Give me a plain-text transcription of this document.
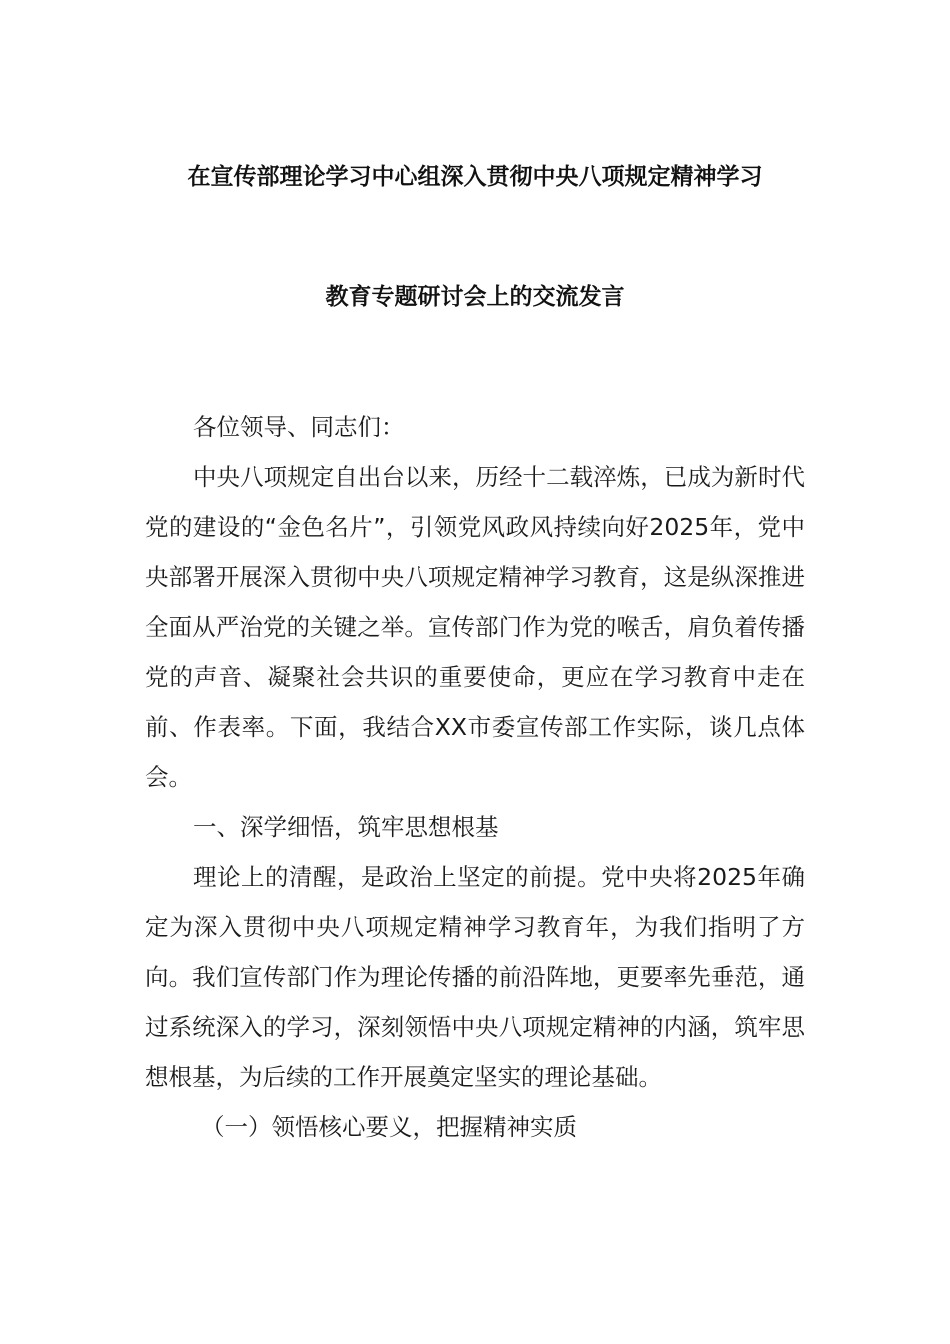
在宣传部理论学习中心组深入贯彻中央八项规定精神学习
教育专题研讨会上的交流发言

各位领导、同志们：

中央八项规定自出台以来，历经十二载淬炼，已成为新时代党的建设的“金色名片”，引领党风政风持续向好2025年，党中央部署开展深入贯彻中央八项规定精神学习教育，这是纵深推进全面从严治党的关键之举。宣传部门作为党的喉舌，肩负着传播党的声音、凝聚社会共识的重要使命，更应在学习教育中走在前、作表率。下面，我结合XX市委宣传部工作实际，谈几点体会。

一、深学细悟，筑牢思想根基

理论上的清醒，是政治上坚定的前提。党中央将2025年确定为深入贯彻中央八项规定精神学习教育年，为我们指明了方向。我们宣传部门作为理论传播的前沿阵地，更要率先垂范，通过系统深入的学习，深刻领悟中央八项规定精神的内涵，筑牢思想根基，为后续的工作开展奠定坚实的理论基础。

（一）领悟核心要义，把握精神实质
